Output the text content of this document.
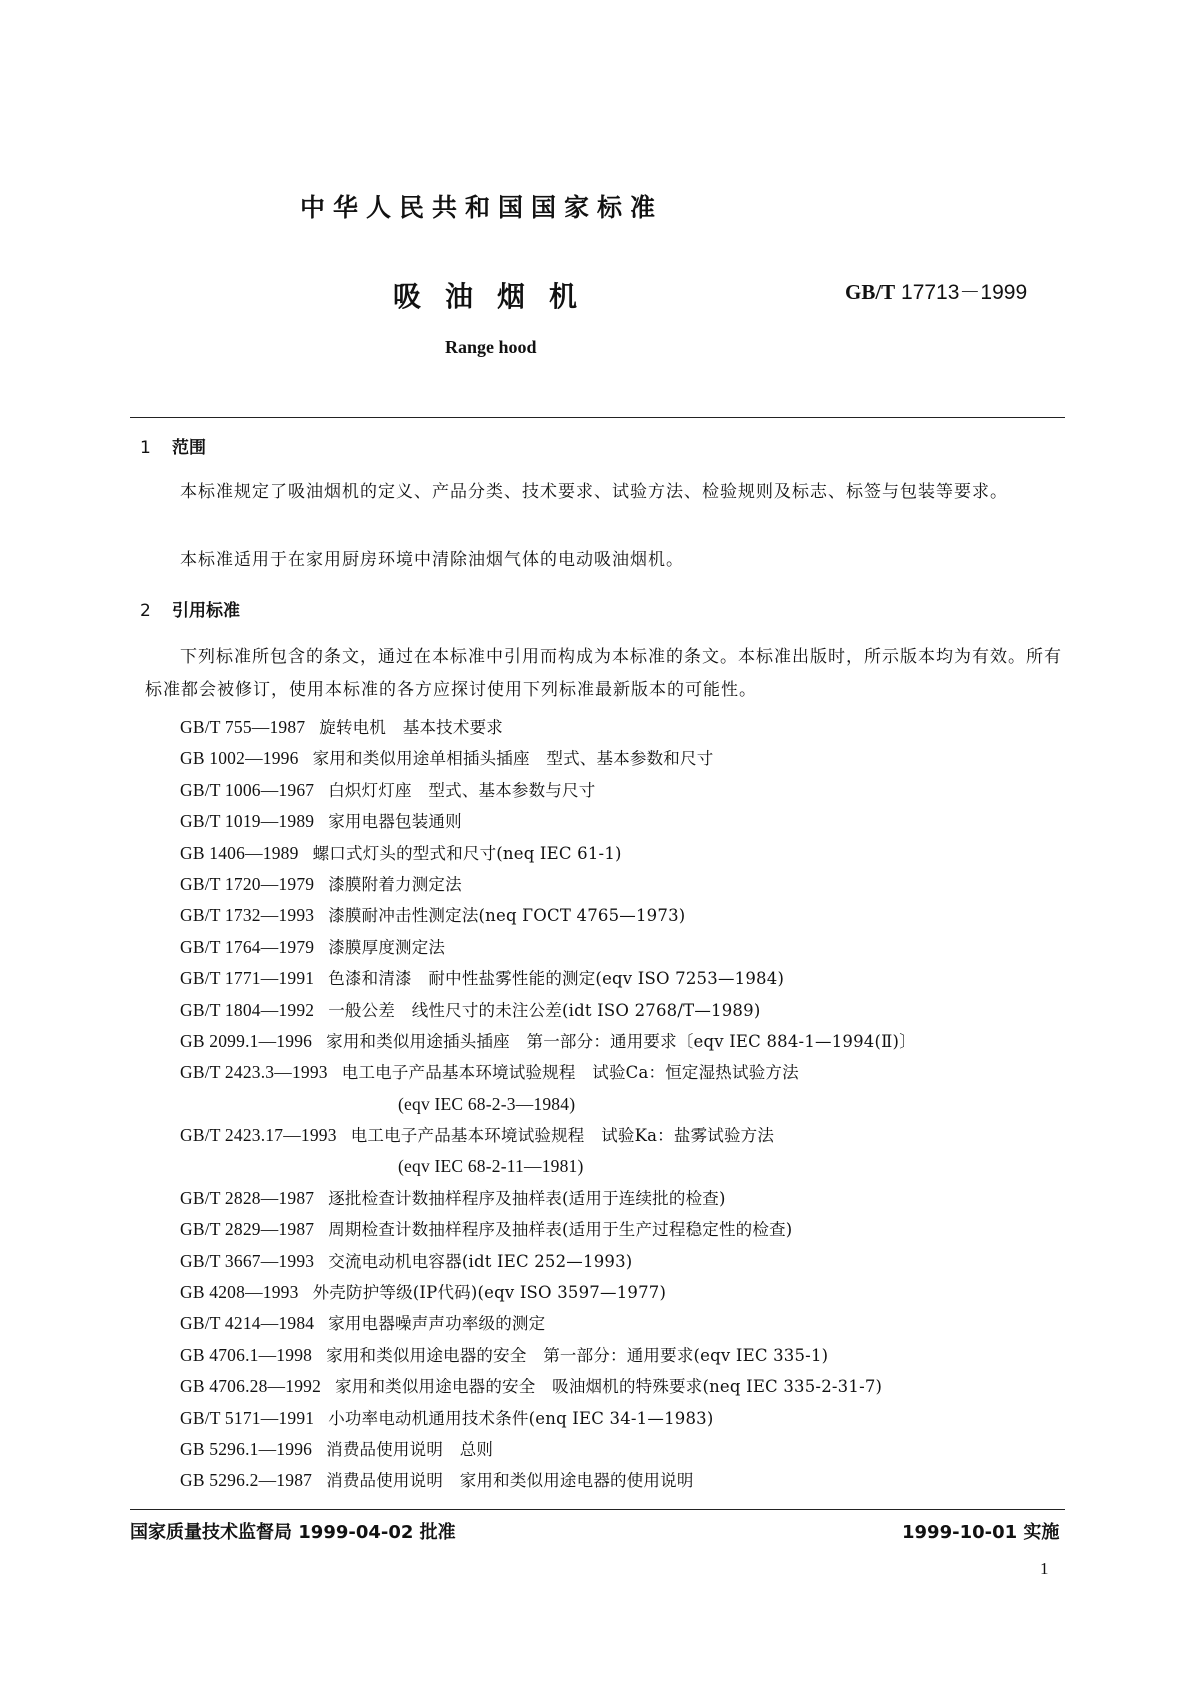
中华人民共和国国家标准
吸油烟机	GB/T 17713－1999
Range hood
1 范围
本标准规定了吸油烟机的定义、产品分类、技术要求、试验方法、检验规则及标志、标签与包装等要求。
本标准适用于在家用厨房环境中清除油烟气体的电动吸油烟机。
2 引用标准
下列标准所包含的条文，通过在本标准中引用而构成为本标准的条文。本标准出版时，所示版本均为有效。所有标准都会被修订，使用本标准的各方应探讨使用下列标准最新版本的可能性。
GB/T 755—1987 旋转电机　基本技术要求
GB 1002—1996 家用和类似用途单相插头插座　型式、基本参数和尺寸
GB/T 1006—1967 白炽灯灯座　型式、基本参数与尺寸
GB/T 1019—1989 家用电器包装通则
GB 1406—1989 螺口式灯头的型式和尺寸(neq IEC 61-1)
GB/T 1720—1979 漆膜附着力测定法
GB/T 1732—1993 漆膜耐冲击性测定法(neq ГОСТ 4765—1973)
GB/T 1764—1979 漆膜厚度测定法
GB/T 1771—1991 色漆和清漆　耐中性盐雾性能的测定(eqv ISO 7253—1984)
GB/T 1804—1992 一般公差　线性尺寸的未注公差(idt ISO 2768/T—1989)
GB 2099.1—1996 家用和类似用途插头插座　第一部分：通用要求〔eqv IEC 884-1—1994(Ⅱ)〕
GB/T 2423.3—1993 电工电子产品基本环境试验规程　试验Ca：恒定湿热试验方法
(eqv IEC 68-2-3—1984)
GB/T 2423.17—1993 电工电子产品基本环境试验规程　试验Ka：盐雾试验方法
(eqv IEC 68-2-11—1981)
GB/T 2828—1987 逐批检查计数抽样程序及抽样表(适用于连续批的检查)
GB/T 2829—1987 周期检查计数抽样程序及抽样表(适用于生产过程稳定性的检查)
GB/T 3667—1993 交流电动机电容器(idt IEC 252—1993)
GB 4208—1993 外壳防护等级(IP代码)(eqv ISO 3597—1977)
GB/T 4214—1984 家用电器噪声声功率级的测定
GB 4706.1—1998 家用和类似用途电器的安全　第一部分：通用要求(eqv IEC 335-1)
GB 4706.28—1992 家用和类似用途电器的安全　吸油烟机的特殊要求(neq IEC 335-2-31-7)
GB/T 5171—1991 小功率电动机通用技术条件(enq IEC 34-1—1983)
GB 5296.1—1996 消费品使用说明　总则
GB 5296.2—1987 消费品使用说明　家用和类似用途电器的使用说明
国家质量技术监督局 1999-04-02 批准	1999-10-01 实施
1
